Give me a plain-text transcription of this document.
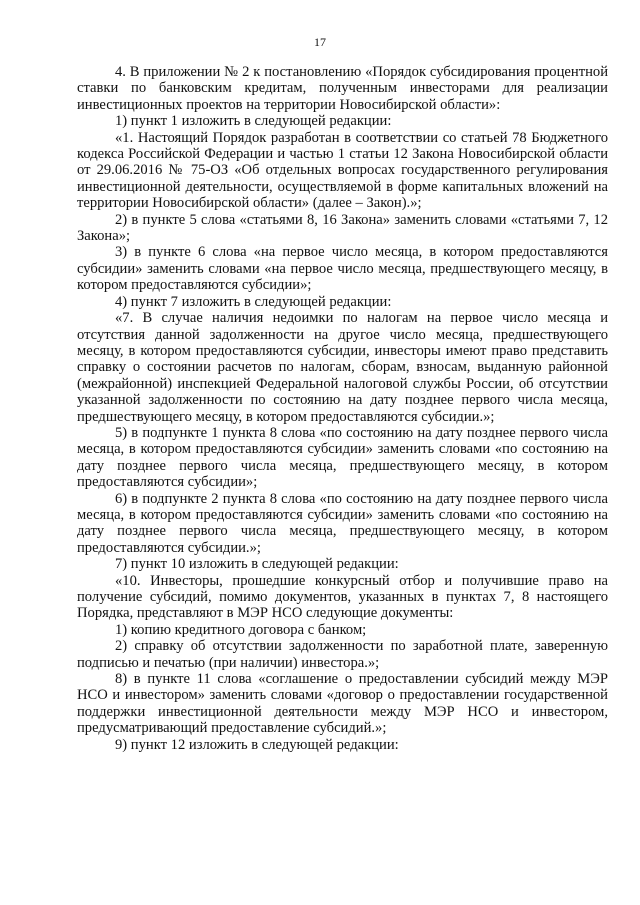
17

4. В приложении № 2 к постановлению «Порядок субсидирования процентной ставки по банковским кредитам, полученным инвесторами для реализации инвестиционных проектов на территории Новосибирской области»:

1) пункт 1 изложить в следующей редакции:

«1. Настоящий Порядок разработан в соответствии со статьей 78 Бюджетного кодекса Российской Федерации и частью 1 статьи 12 Закона Новосибирской области от 29.06.2016 № 75-ОЗ «Об отдельных вопросах государственного регулирования инвестиционной деятельности, осуществляемой в форме капитальных вложений на территории Новосибирской области» (далее – Закон).»;

2) в пункте 5 слова «статьями 8, 16 Закона» заменить словами «статьями 7, 12 Закона»;

3) в пункте 6 слова «на первое число месяца, в котором предоставляются субсидии» заменить словами «на первое число месяца, предшествующего месяцу, в котором предоставляются субсидии»;

4) пункт 7 изложить в следующей редакции:

«7. В случае наличия недоимки по налогам на первое число месяца и отсутствия данной задолженности на другое число месяца, предшествующего месяцу, в котором предоставляются субсидии, инвесторы имеют право представить справку о состоянии расчетов по налогам, сборам, взносам, выданную районной (межрайонной) инспекцией Федеральной налоговой службы России, об отсутствии указанной задолженности по состоянию на дату позднее первого числа месяца, предшествующего месяцу, в котором предоставляются субсидии.»;

5) в подпункте 1 пункта 8 слова «по состоянию на дату позднее первого числа месяца, в котором предоставляются субсидии» заменить словами «по состоянию на дату позднее первого числа месяца, предшествующего месяцу, в котором предоставляются субсидии»;

6) в подпункте 2 пункта 8 слова «по состоянию на дату позднее первого числа месяца, в котором предоставляются субсидии» заменить словами «по состоянию на дату позднее первого числа месяца, предшествующего месяцу, в котором предоставляются субсидии.»;

7) пункт 10 изложить в следующей редакции:

«10. Инвесторы, прошедшие конкурсный отбор и получившие право на получение субсидий, помимо документов, указанных в пунктах 7, 8 настоящего Порядка, представляют в МЭР НСО следующие документы:

1) копию кредитного договора с банком;

2) справку об отсутствии задолженности по заработной плате, заверенную подписью и печатью (при наличии) инвестора.»;

8) в пункте 11 слова «соглашение о предоставлении субсидий между МЭР НСО и инвестором» заменить словами «договор о предоставлении государственной поддержки инвестиционной деятельности между МЭР НСО и инвестором, предусматривающий предоставление субсидий.»;

9) пункт 12 изложить в следующей редакции:
